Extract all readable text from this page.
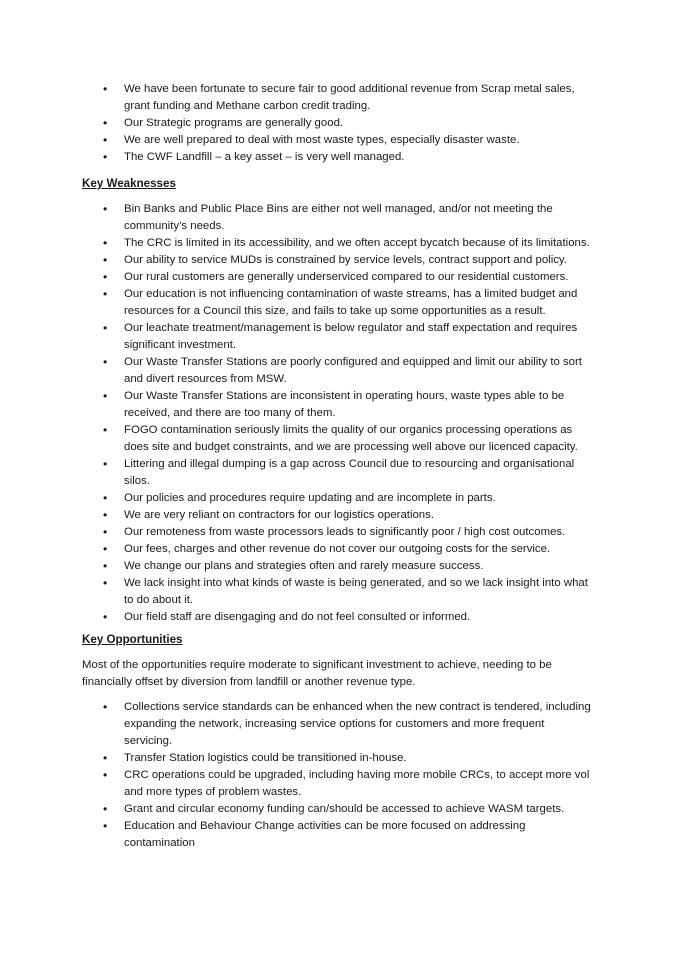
• We have been fortunate to secure fair to good additional revenue from Scrap metal sales, grant funding and Methane carbon credit trading.
• Our Strategic programs are generally good.
• We are well prepared to deal with most waste types, especially disaster waste.
• The CWF Landfill – a key asset – is very well managed.
Key Weaknesses
• Bin Banks and Public Place Bins are either not well managed, and/or not meeting the community’s needs.
• The CRC is limited in its accessibility, and we often accept bycatch because of its limitations.
• Our ability to service MUDs is constrained by service levels, contract support and policy.
• Our rural customers are generally underserviced compared to our residential customers.
• Our education is not influencing contamination of waste streams, has a limited budget and resources for a Council this size, and fails to take up some opportunities as a result.
• Our leachate treatment/management is below regulator and staff expectation and requires significant investment.
• Our Waste Transfer Stations are poorly configured and equipped and limit our ability to sort and divert resources from MSW.
• Our Waste Transfer Stations are inconsistent in operating hours, waste types able to be received, and there are too many of them.
• FOGO contamination seriously limits the quality of our organics processing operations as does site and budget constraints, and we are processing well above our licenced capacity.
• Littering and illegal dumping is a gap across Council due to resourcing and organisational silos.
• Our policies and procedures require updating and are incomplete in parts.
• We are very reliant on contractors for our logistics operations.
• Our remoteness from waste processors leads to significantly poor / high cost outcomes.
• Our fees, charges and other revenue do not cover our outgoing costs for the service.
• We change our plans and strategies often and rarely measure success.
• We lack insight into what kinds of waste is being generated, and so we lack insight into what to do about it.
• Our field staff are disengaging and do not feel consulted or informed.
Key Opportunities
Most of the opportunities require moderate to significant investment to achieve, needing to be financially offset by diversion from landfill or another revenue type.
• Collections service standards can be enhanced when the new contract is tendered, including expanding the network, increasing service options for customers and more frequent servicing.
• Transfer Station logistics could be transitioned in-house.
• CRC operations could be upgraded, including having more mobile CRCs, to accept more vol and more types of problem wastes.
• Grant and circular economy funding can/should be accessed to achieve WASM targets.
• Education and Behaviour Change activities can be more focused on addressing contamination
